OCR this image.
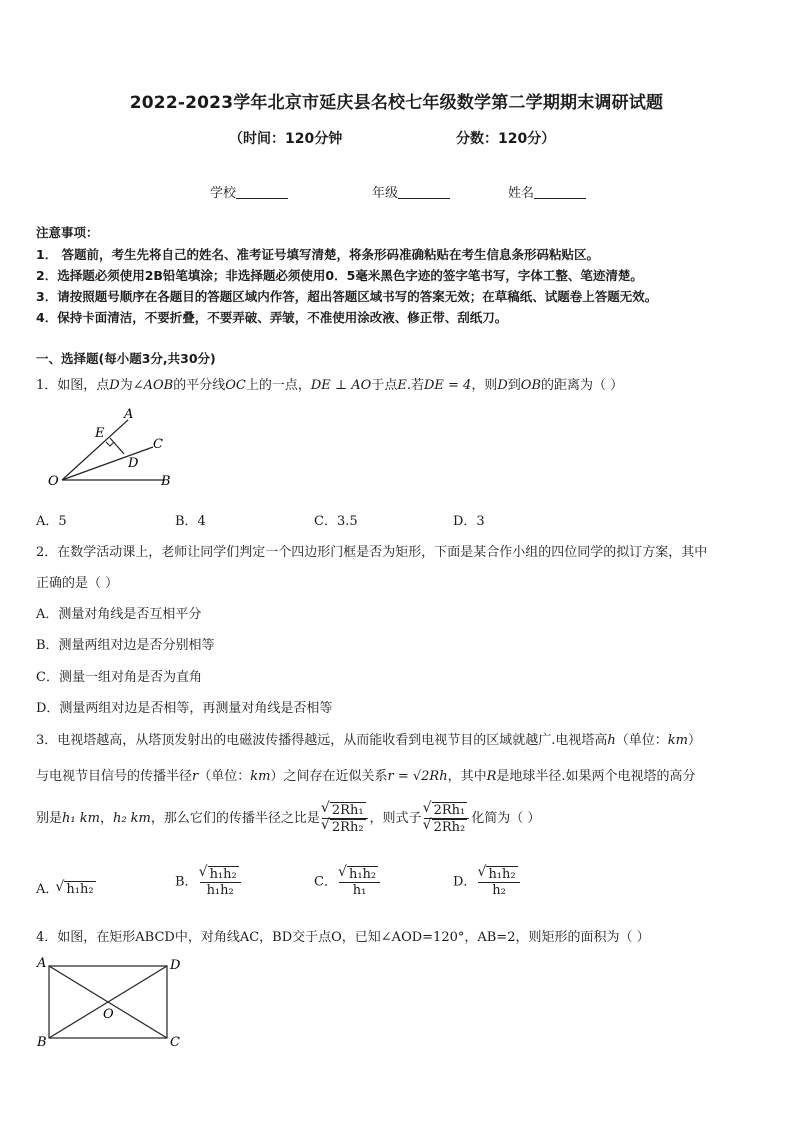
2022-2023学年北京市延庆县名校七年级数学第二学期期末调研试题
（时间：120分钟	分数：120分）
学校	年级	姓名
注意事项：
1． 答题前，考生先将自己的姓名、准考证号填写清楚，将条形码准确粘贴在考生信息条形码粘贴区。
2．选择题必须使用2B铅笔填涂；非选择题必须使用0．5毫米黑色字迹的签字笔书写，字体工整、笔迹清楚。
3．请按照题号顺序在各题目的答题区域内作答，超出答题区域书写的答案无效；在草稿纸、试题卷上答题无效。
4．保持卡面清洁，不要折叠，不要弄破、弄皱，不准使用涂改液、修正带、刮纸刀。
一、选择题(每小题3分,共30分)
1．如图，点D为∠AOB的平分线OC上的一点，DE ⊥ AO于点E.若DE = 4，则D到OB的距离为（ ）
A
E
C
D
O	B
A．5	B．4	C．3.5	D．3
2．在数学活动课上，老师让同学们判定一个四边形门框是否为矩形，下面是某合作小组的四位同学的拟订方案，其中
正确的是（ ）
A．测量对角线是否互相平分
B．测量两组对边是否分别相等
C．测量一组对角是否为直角
D．测量两组对边是否相等，再测量对角线是否相等
3．电视塔越高，从塔顶发射出的电磁波传播得越远，从而能收看到电视节目的区域就越广.电视塔高h（单位：km）
与电视节目信号的传播半径r（单位：km）之间存在近似关系r = √2Rh，其中R是地球半径.如果两个电视塔的高分
别是h₁ km，h₂ km，那么它们的传播半径之比是 √ 2Rh₁
√ 2Rh₂ ，则式子 √ 2Rh₁
√ 2Rh₂ 化简为（ ）
A． √ h₁h₂	B． √ $\frac{\text{h₁h₂}}{\text{h₁h₂}}$	C． √ $\frac{\text{h₁h₂}}{\text{h₁}}$	D． √ $\frac{\text{h₁h₂}}{\text{h₂}}$
4．如图，在矩形ABCD中，对角线AC，BD交于点O，已知∠AOD=120°，AB=2，则矩形的面积为（ ）
A	D
B	C
O
